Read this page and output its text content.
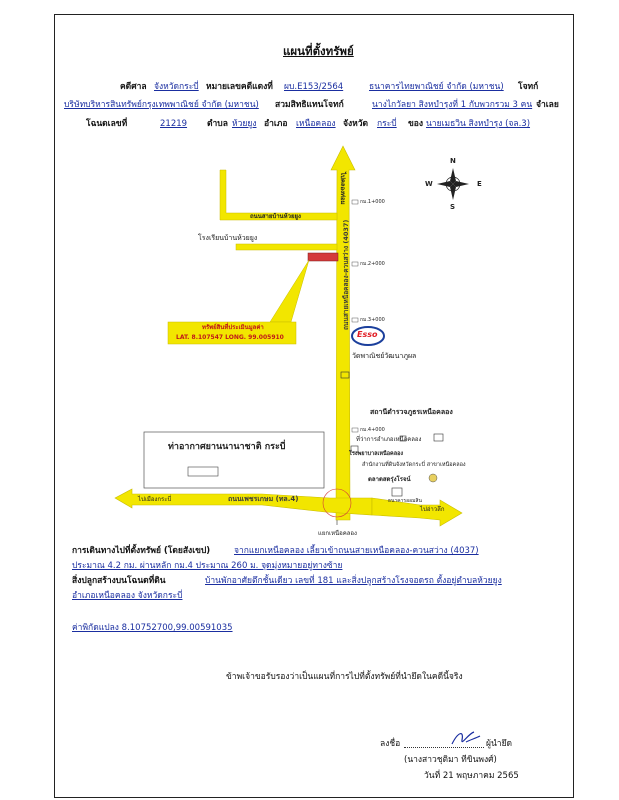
แผนที่ตั้งทรัพย์
คดีศาล จังหวัดกระบี่ หมายเลขคดีแดงที่ ผบ.E153/2564	ธนาคารไทยพาณิชย์ จำกัด (มหาชน) โจทก์
บริษัทบริหารสินทรัพย์กรุงเทพพาณิชย์ จำกัด (มหาชน) สวมสิทธิแทนโจทก์	นางไกวัลยา สิงหบำรุงที่ 1 กับพวกรวม 3 คน จำเลย
โฉนดเลขที่	21219 ตำบล ห้วยยูง อำเภอ เหนือคลอง จังหวัด กระบี่ ของ นายเมธวิน สิงหบำรุง (จล.3)
N
S
E
W
ถนนสายเหนือคลอง-ควนสว่าง (4037)
ไปคลองท่อม
ถนนเพชรเกษม (ทล.4)
ไปเมืองกระบี่
ไปอ่าวลึก
ถนนสายบ้านห้วยยูง
โรงเรียนบ้านห้วยยูง
ทรัพย์สินที่ประเมินมูลค่า
LAT. 8.107547 LONG. 99.005910	Esso
วัดพาณิชย์วัฒนาภูผล
สถานีตำรวจภูธรเหนือคลอง
ที่ว่าการอำเภอเหนือคลอง
โรงพยาบาลเหนือคลอง
สำนักงานที่ดินจังหวัดกระบี่ สาขาเหนือคลอง
ตลาดสดรุ่งโรจน์
ธนาคารออมสิน
ท่าอากาศยานนานาชาติ กระบี่
แยกเหนือคลอง
กม.1+000
กม.2+000
กม.3+000
กม.4+000
การเดินทางไปที่ตั้งทรัพย์ (โดยสังเขป)	จากแยกเหนือคลอง เลี้ยวเข้าถนนสายเหนือคลอง-ควนสว่าง (4037)
ประมาณ 4.2 กม. ผ่านหลัก กม.4 ประมาณ 260 ม. จุดมุ่งหมายอยู่ทางซ้าย
สิ่งปลูกสร้างบนโฉนดที่ดิน	บ้านพักอาศัยตึกชั้นเดียว เลขที่ 181 และสิ่งปลูกสร้างโรงจอดรถ ตั้งอยู่ตำบลห้วยยูง
อำเภอเหนือคลอง จังหวัดกระบี่
ค่าพิกัดแปลง 8.10752700,99.00591035
ข้าพเจ้าขอรับรองว่าเป็นแผนที่การไปที่ตั้งทรัพย์ที่นำยึดในคดีนี้จริง
ลงชื่อ	ผู้นำยึด
(นางสาวชุติมา ทีขินพงศ์)
วันที่ 21 พฤษภาคม 2565
